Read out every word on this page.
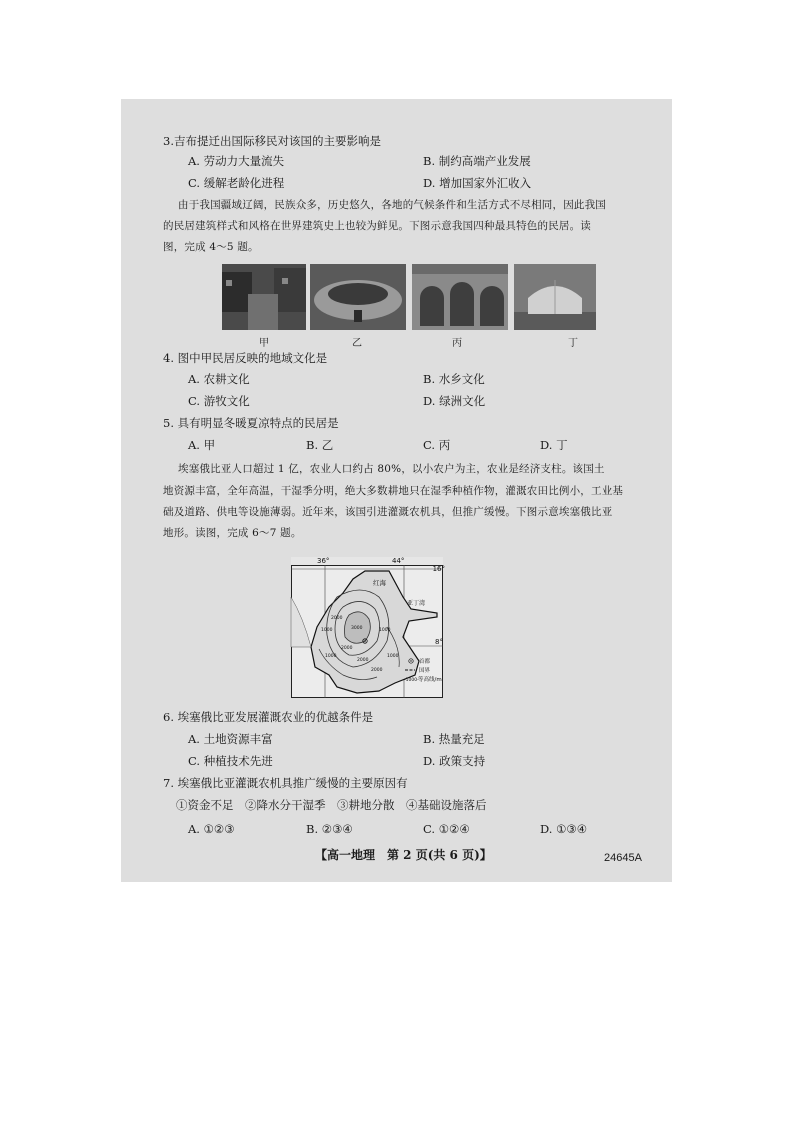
3.吉布提迁出国际移民对该国的主要影响是
A. 劳动力大量流失	B. 制约高端产业发展
C. 缓解老龄化进程	D. 增加国家外汇收入
由于我国疆域辽阔，民族众多，历史悠久，各地的气候条件和生活方式不尽相同，因此我国
的民居建筑样式和风格在世界建筑史上也较为鲜见。下图示意我国四种最具特色的民居。读
图，完成 4～5 题。
甲	乙	丙	丁
4. 图中甲民居反映的地域文化是
A. 农耕文化	B. 水乡文化
C. 游牧文化	D. 绿洲文化
5. 具有明显冬暖夏凉特点的民居是
A. 甲	B. 乙	C. 丙	D. 丁
埃塞俄比亚人口超过 1 亿，农业人口约占 80%，以小农户为主，农业是经济支柱。该国土
地资源丰富，全年高温，干湿季分明，绝大多数耕地只在湿季种植作物，灌溉农田比例小，工业基
础及道路、供电等设施薄弱。近年来，该国引进灌溉农机具，但推广缓慢。下图示意埃塞俄比亚
地形。读图，完成 6～7 题。
36°	44°
16°
8°
红海
亚丁湾
1000
2000
3000	1000
2000
1000
2000
1000
2000
首都
国界
-1000- 等高线/m
6. 埃塞俄比亚发展灌溉农业的优越条件是
A. 土地资源丰富	B. 热量充足
C. 种植技术先进	D. 政策支持
7. 埃塞俄比亚灌溉农机具推广缓慢的主要原因有
①资金不足　②降水分干湿季　③耕地分散　④基础设施落后
A. ①②③	B. ②③④	C. ①②④	D. ①③④
【高一地理　第 2 页(共 6 页)】	24645A
